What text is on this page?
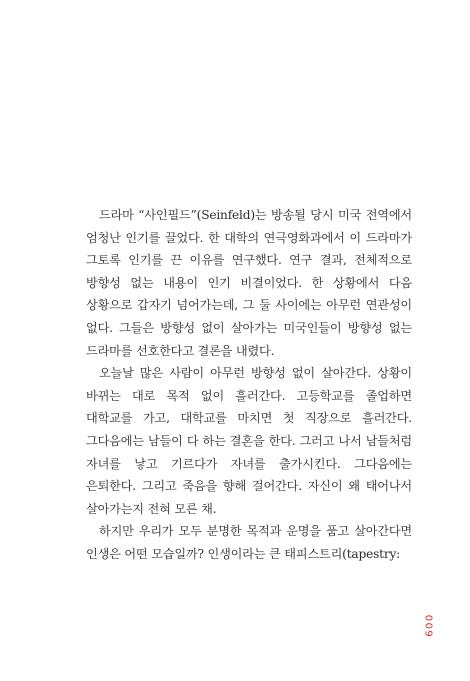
드라마 “사인필드”(Seinfeld)는 방송될 당시 미국 전역에서 엄청난 인기를 끌었다. 한 대학의 연극영화과에서 이 드라마가 그토록 인기를 끈 이유를 연구했다. 연구 결과, 전체적으로 방향성 없는 내용이 인기 비결이었다. 한 상황에서 다음 상황으로 갑자기 넘어가는데, 그 둘 사이에는 아무런 연관성이 없다. 그들은 방향성 없이 살아가는 미국인들이 방향성 없는 드라마를 선호한다고 결론을 내렸다.

오늘날 많은 사람이 아무런 방향성 없이 살아간다. 상황이 바뀌는 대로 목적 없이 흘러간다. 고등학교를 졸업하면 대학교를 가고, 대학교를 마치면 첫 직장으로 흘러간다. 그다음에는 남들이 다 하는 결혼을 한다. 그러고 나서 남들처럼 자녀를 낳고 기르다가 자녀를 출가시킨다. 그다음에는 은퇴한다. 그리고 죽음을 향해 걸어간다. 자신이 왜 태어나서 살아가는지 전혀 모른 채.

하지만 우리가 모두 분명한 목적과 운명을 품고 살아간다면 인생은 어떤 모습일까? 인생이라는 큰 태피스트리(tapestry:

009
